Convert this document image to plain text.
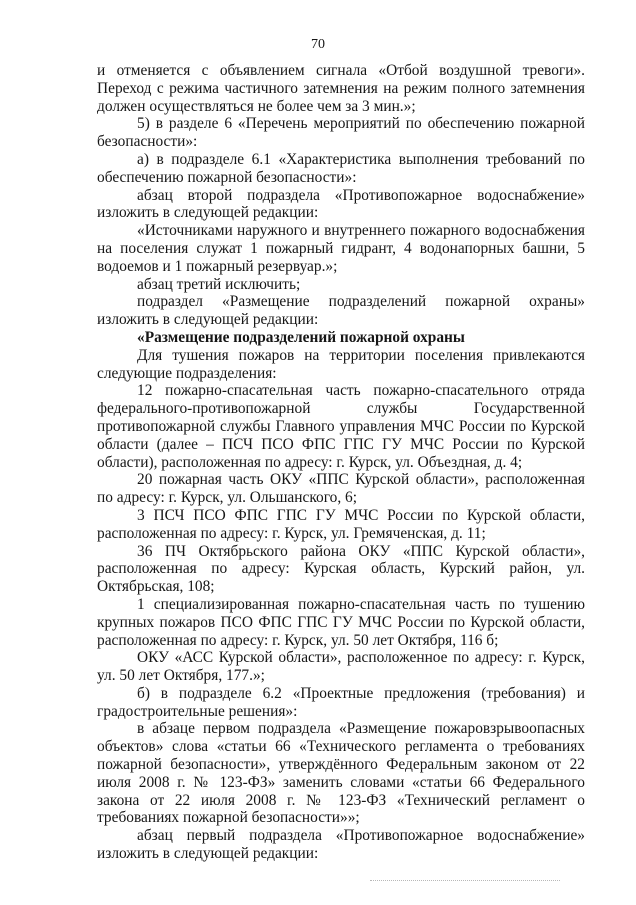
70

и отменяется с объявлением сигнала «Отбой воздушной тревоги». Переход с режима частичного затемнения на режим полного затемнения должен осуществляться не более чем за 3 мин.»;

5) в разделе 6 «Перечень мероприятий по обеспечению пожарной безопасности»:

а) в подразделе 6.1 «Характеристика выполнения требований по обеспечению пожарной безопасности»:

абзац второй подраздела «Противопожарное водоснабжение» изложить в следующей редакции:

«Источниками наружного и внутреннего пожарного водоснабжения на поселения служат 1 пожарный гидрант, 4 водонапорных башни, 5 водоемов и 1 пожарный резервуар.»;

абзац третий исключить;

подраздел «Размещение подразделений пожарной охраны» изложить в следующей редакции:

«Размещение подразделений пожарной охраны

Для тушения пожаров на территории поселения привлекаются следующие подразделения:

12 пожарно-спасательная часть пожарно-спасательного отряда федерального-противопожарной службы Государственной противопожарной службы Главного управления МЧС России по Курской области (далее – ПСЧ ПСО ФПС ГПС ГУ МЧС России по Курской области), расположенная по адресу: г. Курск, ул. Объездная, д. 4;

20 пожарная часть ОКУ «ППС Курской области», расположенная по адресу: г. Курск, ул. Ольшанского, 6;

3 ПСЧ ПСО ФПС ГПС ГУ МЧС России по Курской области, расположенная по адресу: г. Курск, ул. Гремяченская, д. 11;

36 ПЧ Октябрьского района ОКУ «ППС Курской области», расположенная по адресу: Курская область, Курский район, ул. Октябрьская, 108;

1 специализированная пожарно-спасательная часть по тушению крупных пожаров ПСО ФПС ГПС ГУ МЧС России по Курской области, расположенная по адресу: г. Курск, ул. 50 лет Октября, 116 б;

ОКУ «АСС Курской области», расположенное по адресу: г. Курск, ул. 50 лет Октября, 177.»;

б) в подразделе 6.2 «Проектные предложения (требования) и градостроительные решения»:

в абзаце первом подраздела «Размещение пожаровзрывоопасных объектов» слова «статьи 66 «Технического регламента о требованиях пожарной безопасности», утверждённого Федеральным законом от 22 июля 2008 г. № 123-ФЗ» заменить словами «статьи 66 Федерального закона от 22 июля 2008 г. № 123-ФЗ «Технический регламент о требованиях пожарной безопасности»»;

абзац первый подраздела «Противопожарное водоснабжение» изложить в следующей редакции:
